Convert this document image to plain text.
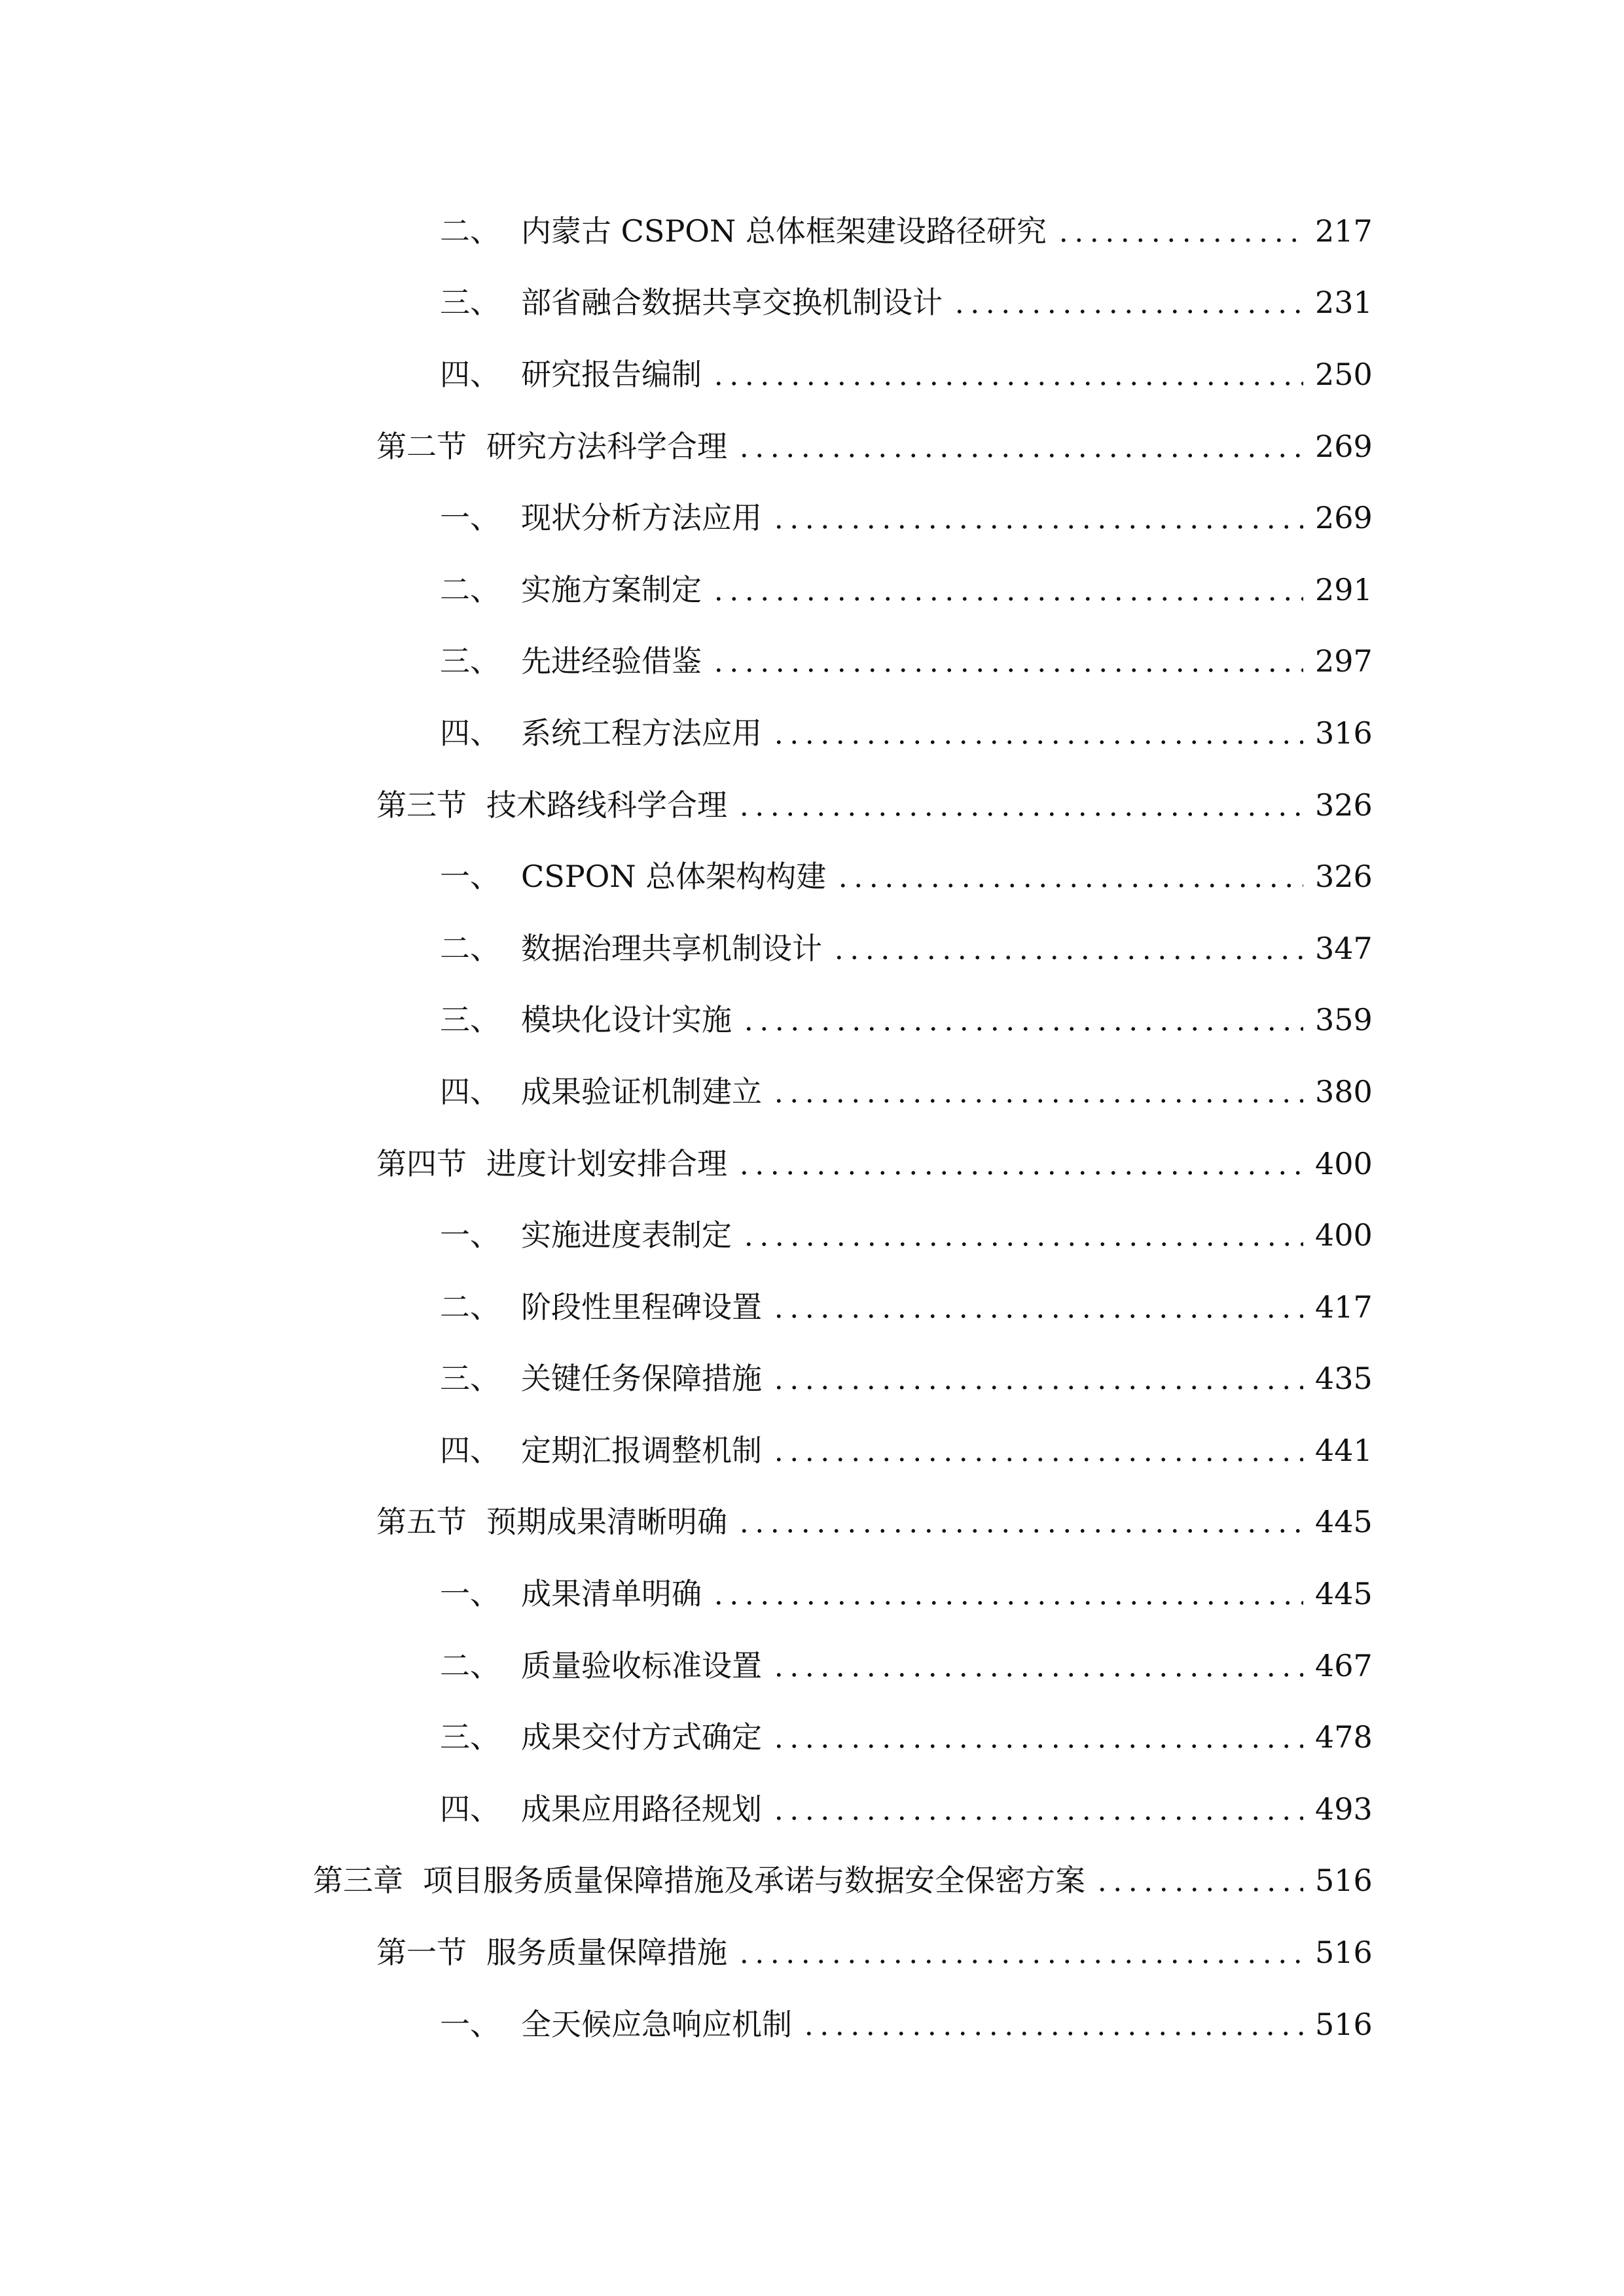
二、 内蒙古 CSPON 总体框架建设路径研究	217
三、 部省融合数据共享交换机制设计	231
四、 研究报告编制	250
第二节 研究方法科学合理	269
一、 现状分析方法应用	269
二、 实施方案制定	291
三、 先进经验借鉴	297
四、 系统工程方法应用	316
第三节 技术路线科学合理	326
一、 CSPON 总体架构构建	326
二、 数据治理共享机制设计	347
三、 模块化设计实施	359
四、 成果验证机制建立	380
第四节 进度计划安排合理	400
一、 实施进度表制定	400
二、 阶段性里程碑设置	417
三、 关键任务保障措施	435
四、 定期汇报调整机制	441
第五节 预期成果清晰明确	445
一、 成果清单明确	445
二、 质量验收标准设置	467
三、 成果交付方式确定	478
四、 成果应用路径规划	493
第三章 项目服务质量保障措施及承诺与数据安全保密方案	516
第一节 服务质量保障措施	516
一、 全天候应急响应机制	516
